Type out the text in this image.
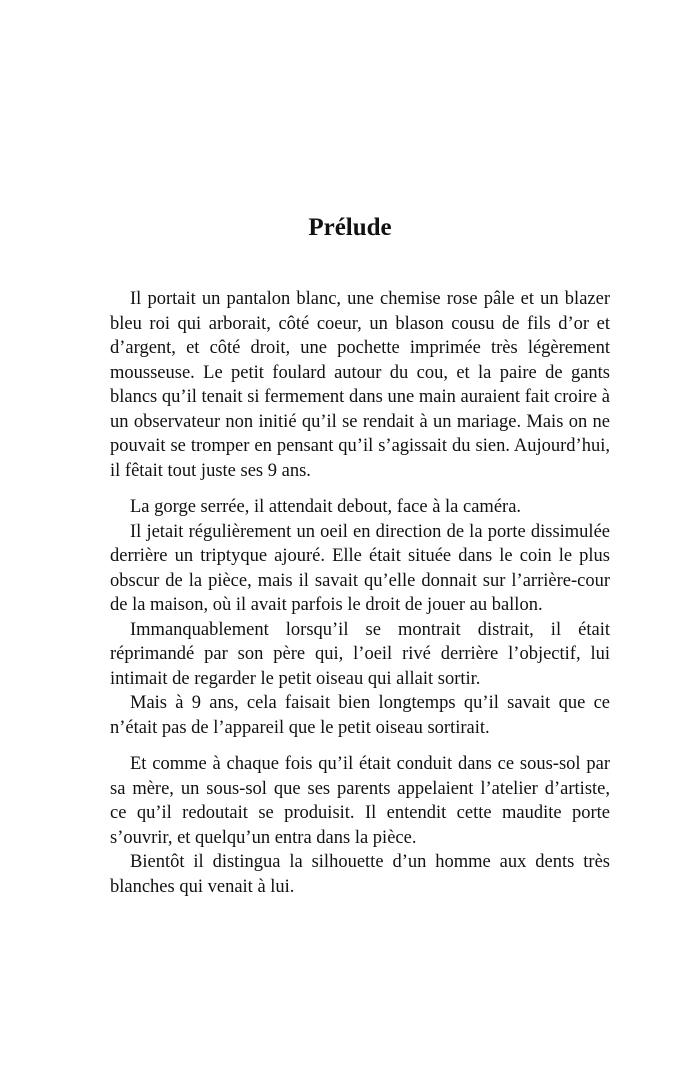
Prélude

Il portait un pantalon blanc, une chemise rose pâle et un blazer bleu roi qui arborait, côté coeur, un blason cousu de fils d’or et d’argent, et côté droit, une pochette imprimée très légèrement mousseuse. Le petit foulard autour du cou, et la paire de gants blancs qu’il tenait si fermement dans une main auraient fait croire à un observateur non initié qu’il se rendait à un mariage. Mais on ne pouvait se tromper en pensant qu’il s’agissait du sien. Aujourd’hui, il fêtait tout juste ses 9 ans.

La gorge serrée, il attendait debout, face à la caméra.

Il jetait régulièrement un oeil en direction de la porte dissimulée derrière un triptyque ajouré. Elle était située dans le coin le plus obscur de la pièce, mais il savait qu’elle donnait sur l’arrière-cour de la maison, où il avait parfois le droit de jouer au ballon.

Immanquablement lorsqu’il se montrait distrait, il était réprimandé par son père qui, l’oeil rivé derrière l’objectif, lui intimait de regarder le petit oiseau qui allait sortir.

Mais à 9 ans, cela faisait bien longtemps qu’il savait que ce n’était pas de l’appareil que le petit oiseau sortirait.

Et comme à chaque fois qu’il était conduit dans ce sous-sol par sa mère, un sous-sol que ses parents appelaient l’atelier d’artiste, ce qu’il redoutait se produisit. Il entendit cette maudite porte s’ouvrir, et quelqu’un entra dans la pièce.

Bientôt il distingua la silhouette d’un homme aux dents très blanches qui venait à lui.
